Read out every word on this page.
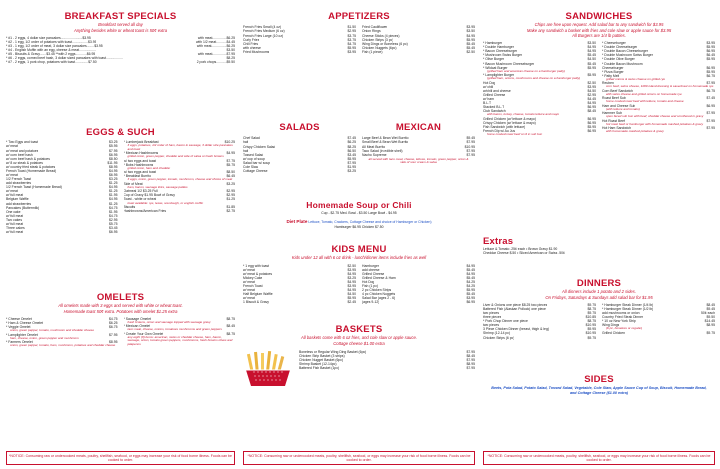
BREAKFAST SPECIALS
Breakfast served all day
Anything besides white or wheat toast is 50¢ extra
* #1 - 2 eggs, 4 dollar size pancakes.......................$3.95	with meat...............$6.25
* #2 - 1 egg, 1/2 order of potatoes with toast.................$3.95	with 1/2 meat...........$4.45
* #3 - 1 egg, 1/2 order of meat, 3 dollar size pancakes........$3.95	with meat................$6.25
* #4 - English Muffin with an egg, cheese & meat..................	$3.50
* #5 - Biscuits & Gravy.......$3.45 **with 2 eggs............$6.95	with meat...............$7.95
* #6 - 2 eggs, corned beef hash, 3 dollar sized pancakes with toast..................	$8.25
* #7 - 2 eggs, 1 pork chop, potatoes with toast..............$7.50	2 pork chops...........$9.50
EGGS & SUCH
* Two Eggs and toast	$3.25
w/ meat	$5.95
w/ meat and potatoes	$7.95
w/ corn beef hash	$6.95
w/ corn beef hash & potatoes	$8.50
w/ 8 oz steak & potatoes	$11.95
w/ country fried steak & potatoes	$8.95
French Toast (Homemade Bread)	$4.95
w/ meat	$6.95
1/2 French Toast	$3.25
add strawberries	$1.25
1/2 French Toast (Homemade Bread)	$4.95
w/ meat	$1.25
w/ full meat	$1.95
Belgium Waffle	$4.95
add strawberries	$1.25
Pancakes (Buttermilk)	$4.75
One cake	$1.95
w/ full meat	$4.75
Two cakes	$2.95
w/ full meat	$5.75
Three cakes	$3.45
w/ full meat	$6.95
* Lumberjack Breakfast	$10.25
3 eggs, potatoes, 1/2 order of ham, bacon & sausage, 3 dollar size pancakes and toast
* Mexican Hashbrowns	$4.95
grilled onion, green pepper, cheddar and side of salsa on hash browns
w/ two eggs and toast	$7.75
* Bobs Hashbrowns	$5.75
grilled onion, ham and cheddar
w/ two eggs and toast	$8.50
* Breakfast Burrito	$6.45
3 eggs, onion, green pepper, tomato, mushroom, cheese and choice of meat
Side of Meat	$3.25
ham, bacon, sausage links, sausage patties
Oatmeal 1/2 $3.25 Full	$2.95
Cup of Gravy $1.95 Bowl of Gravy	$2.95
Toast - white or wheat	$1.25
toast available: rye, texas, sourdough, or english muffin
Biscuits	$1.85
Hashbrowns/American Fries	$2.75
OMELETS
All omelets made with 3 eggs and served with white or wheat toast.
Homemade toast 50¢ extra. Potatoes with omelet $1.25 extra
* Cheese Omelet	$4.75
* Ham & Cheese Omelet	$6.25
* Veggie Omelet	$6.75
onion, green pepper, tomato, mushroom and cheddar cheese
* Lamplighter Omelet	$7.95
ham, cheese, onion, green pepper and mushroom
* Farmers Omelet	$8.95
onion, green pepper, tomato, ham, mushroom, potatoes and cheddar cheese
* Sausage Omelet	$8.75
hash browns, onion and sausage topped with sausage gravy
* Mexican Omelet	$8.45
taco meat, cheese, onions, tomatoes mushrooms and green peppers
* Create Your Own Omelet	$8.75
any eight (8) items: american, swiss or cheddar cheese, ham, bacon, sausage, onion, tomato green peppers, mushrooms, hash browns olives and jalapenos
*NOTICE: Consuming raw or undercooked meats, poultry, shellfish, seafood, or eggs may increase your risk of food borne illness. Foods can be cooked to order.
APPETIZERS
French Fries Small (4 oz)	$1.50
French Fries Medium (6 oz)	$2.95
French Fries Large (10 oz)	$3.75
Curly Fries	$3.75
Chili Fries	$4.75
with cheese	$5.95
Fried Mushrooms	$3.95
Fried Cauliflower	$3.95
Onion Rings	$3.50
Cheese Sticks (4 pieces)	$4.95
Chicken Strips (3 pc)	$5.95
Wing Dings or Boneless (6 pc)	$5.45
Chicken Nuggets (6pc)	$5.45
Fish (1 piece)	$2.50
SALADS
Chef Salad	$7.45
half	$6.25
Crispy Chicken Salad	$8.25
half	$6.50
Tossed Salad	$3.45
w/ cup of soup	$5.95
Salad bar w/ soup	$7.95
Cole Slaw	$1.95
Cottage Cheese	$3.25
MEXICAN
Large Beef & Bean Wet Burrito	$9.45
Small Beef & Bean Wet Burrito	$7.95
All Meat Burrito	$10.95
Taco Salad (in edible shell)	$7.95
Nacho Supreme	$7.95
all served with taco meat, cheese, lettuce, tomato, green pepper, onion & side of sour cream & salsa
Homemade Soup or Chili
Cup - $2.75 Med. Bowl - $3.50 Large Bowl - $4.95
Diet Plate Lettuce, Tomato, Crackers, Cottage Cheese and choice of Hamburger or Chicken)
Hamburger $6.95 Chicken $7.50
KIDS MENU
Kids under 12 all with 6 oz drink - lunch/dinner items include fries as well
* 1 egg with toast	$2.50
w/ meat	$3.95
w/ meat & potatoes	$4.95
Mickey Cake	$3.25
w/ meat	$4.95
French Toast	$3.95
w/ meat	$4.95
Half Belgium Waffle	$4.50
w/ meat	$5.95
1 Biscuit & Gravy	$2.45
Hamburger	$4.95
add cheese	$5.45
Grilled Cheese	$4.95
Grilled Cheese & Ham	$5.45
Hot Dog	$4.25
Fish (1 pc)	$4.25
2 pc Chicken Strips	$5.95
4 pc Chicken Nuggets	$5.45
Salad Bar (ages 2 - 6)	$3.95
(ages 9-12)	$6.95
BASKETS
All baskets come with 6 oz fries, and cole slaw or apple sauce.
Cottage cheese $1.00 extra
Boneless or Regular Wing Ding Basket (6pc)	$7.95
Chicken Strip Basket (3 strips)	$8.45
Chicken Nugget Basket (6pc)	$7.95
Shrimp Basket (12-14pc)	$8.95
Battered Fish Basket (1pc)	$7.95
*NOTICE: Consuming raw or undercooked meats, poultry, shellfish, seafood, or eggs may increase your risk of food borne illness. Foods can be cooked to order.
SANDWICHES
Chips are free upon request. Add salad bar to any sandwich for $3.95
Make any sandwich a basket with fries and cole slaw or apple sauce for $3.95
All Burgers are 1/4 lb patties.
* Hamburger	$3.50
* Double Hamburger	$4.95
* Bacon Cheeseburger	$4.95
* Mushroom Swiss Burger	$5.45
* Olive Burger	$4.50
* Bacon Mushroom Cheeseburger	$5.45
* Wildcat Burger	$5.95
(grilled ham and american cheese on a hamburger patty)
* Lamplighter Burger	$5.95
(grilled ham, onions, mushrooms and cheese on a hamburger patty)
Hot Dog	$2.50
w/ chili	$3.95
w/chili and cheese	$4.50
Grilled Cheese	$2.95
w/ ham	$4.45
B.L.T	$4.95
Stacked B.L.T	$6.95
Club Sandwich	$8.45
with bacon, turkey, cheese, tomato lettuce and mayo
Grilled Chicken (w/ lettuce & mayo)	$6.95
Crispy Chicken (w/ lettuce & mayo)	$6.95
Fish Sandwich (with lettuce)	$5.95
French Dip w/ Au Jus	$6.95
home cooked roast beef on 6 in sub bun
* Cheeseburger	$3.95
* Double Cheeseburger	$5.95
* Double Bacon Cheeseburger	$6.95
* Double Mushroom Swiss Burger	$6.45
* Double Olive Burger	$5.95
* Double Bacon Mushroom
Cheeseburger	$6.95
* Pizza Burger	$5.95
* Patty Melt	$6.75
grilled onions & swiss cheese on grilled rye
Reuben	$7.95
corn beef, swiss cheese, 1000 island dressing & sauerkraut on homemade rye
Corn Beef Sandwich	$6.75
with swiss cheese and grilled onions on homemade rye
Roast Beef Sub	$7.45
home cooked roast beef with lettuce, tomato and cheese
Ham and Cheese Sub	$6.95
(with lettuce and tomato)
Hammer Sub	$7.95
open faced sub bun with beef, cheddar cheese and smothered in gravy
Hot Roast Beef	$7.95
hot roast beef or hamburger with homemade mashed potatoes & gravy
Hot Ham Sandwich	$7.95
with homemade mashed potatoes & gravy
Extras
Lettuce & Tomato .25¢ each • Brown Gravy $1.90
Cheddar Cheese $.50 • Sliced American or Swiss .50¢
DINNERS
All dinners include 1 potato and 2 sides.
On Fridays, Saturdays & Sundays add salad bar for $1.95
Liver & Onions one piece $8.25 two pieces	$9.75
Battered Fish (Alaskan Pollock) one piece	$8.75
two pieces	$9.75
three pieces	$10.85
* Pork Chop Dinner one piece	$8.75
two pieces	$10.95
3 Piece Chicken Dinner (breast, thigh & leg)	$9.95
Shrimp (12-14 pc)	$10.95
Chicken Strips (6 pc)	$9.75
* Hamburger Steak Dinner (1/4 lb)	$8.45
* Hamburger Steak Dinner (1/2 lb)	$9.45
add mushrooms or onion	50¢ each
Country Fried Steak Dinner	$9.50
* 10 oz New York Strip	$14.45
Wing Dings	$8.95
(6 pc, boneless or regular)
Grilled Chicken	$9.75
SIDES
Beets, Pota Salad, Potato Salad, Tossed Salad, Vegetable, Cole Slaw, Apple Sauce Cup of Soup, Biscuit, Homemade Bread, and Cottage Cheese ($1.00 extra)
*NOTICE: Consuming raw or undercooked meats, poultry, shellfish, seafood, or eggs may increase your risk of food borne illness. Foods can be cooked to order.
